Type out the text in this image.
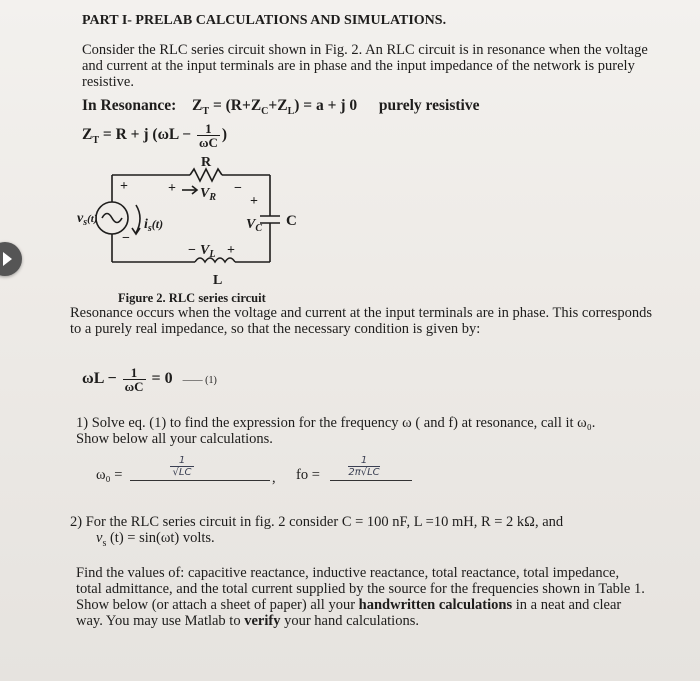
PART I- PRELAB CALCULATIONS AND SIMULATIONS.
Consider the RLC series circuit shown in Fig. 2. An RLC circuit is in resonance when the voltage
and current at the input terminals are in phase and the input impedance of the network is purely
resistive.
In Resonance: $Z_T = (R+Z_C+Z_L) = a + j$ 0 purely resistive
$Z_T = R + j$ ($\omega L - \frac{1}{\omega C}$ )
R
+	−
$V_R$
+
−
$v_s^{(t)}$	$i_s(t)$
+
$V_C$ C
− $V_L$ +
L
Figure 2. RLC series circuit
Resonance occurs when the voltage and current at the input terminals are in phase. This corresponds
to a purely real impedance, so that the necessary condition is given by:
$\omega L - \frac{1}{\omega C} = 0$ —— (1)
1) Solve eq. (1) to find the expression for the frequency ω ( and f) at resonance, call it ω₀.
Show below all your calculations.
ω₀ =
1
√LC	, fo =
1
2π√LC
2) For the RLC series circuit in fig. 2 consider C = 100 nF, L =10 mH, R = 2 kΩ, and
$v_s$ (t) = sin(ωt) volts.
Find the values of: capacitive reactance, inductive reactance, total reactance, total impedance,
total admittance, and the total current supplied by the source for the frequencies shown in Table 1.
Show below (or attach a sheet of paper) all your handwritten calculations in a neat and clear
way. You may use Matlab to verify your hand calculations.
